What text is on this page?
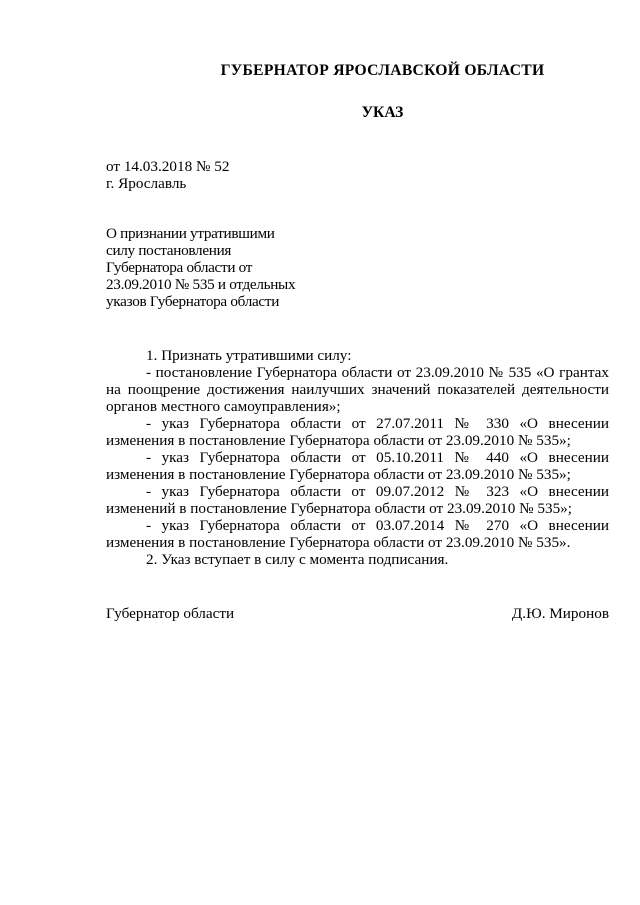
ГУБЕРНАТОР ЯРОСЛАВСКОЙ ОБЛАСТИ
УКАЗ
от 14.03.2018 № 52
г. Ярославль
О признании утратившими
силу постановления
Губернатора области от
23.09.2010 № 535 и отдельных
указов Губернатора области
1. Признать утратившими силу:
- постановление Губернатора области от 23.09.2010 № 535 «О грантах на поощрение достижения наилучших значений показателей деятельности органов местного самоуправления»;
- указ Губернатора области от 27.07.2011 № 330 «О внесении изменения в постановление Губернатора области от 23.09.2010 № 535»;
- указ Губернатора области от 05.10.2011 № 440 «О внесении изменения в постановление Губернатора области от 23.09.2010 № 535»;
- указ Губернатора области от 09.07.2012 № 323 «О внесении изменений в постановление Губернатора области от 23.09.2010 № 535»;
- указ Губернатора области от 03.07.2014 № 270 «О внесении изменения в постановление Губернатора области от 23.09.2010 № 535».
2. Указ вступает в силу с момента подписания.
Губернатор области	Д.Ю. Миронов
